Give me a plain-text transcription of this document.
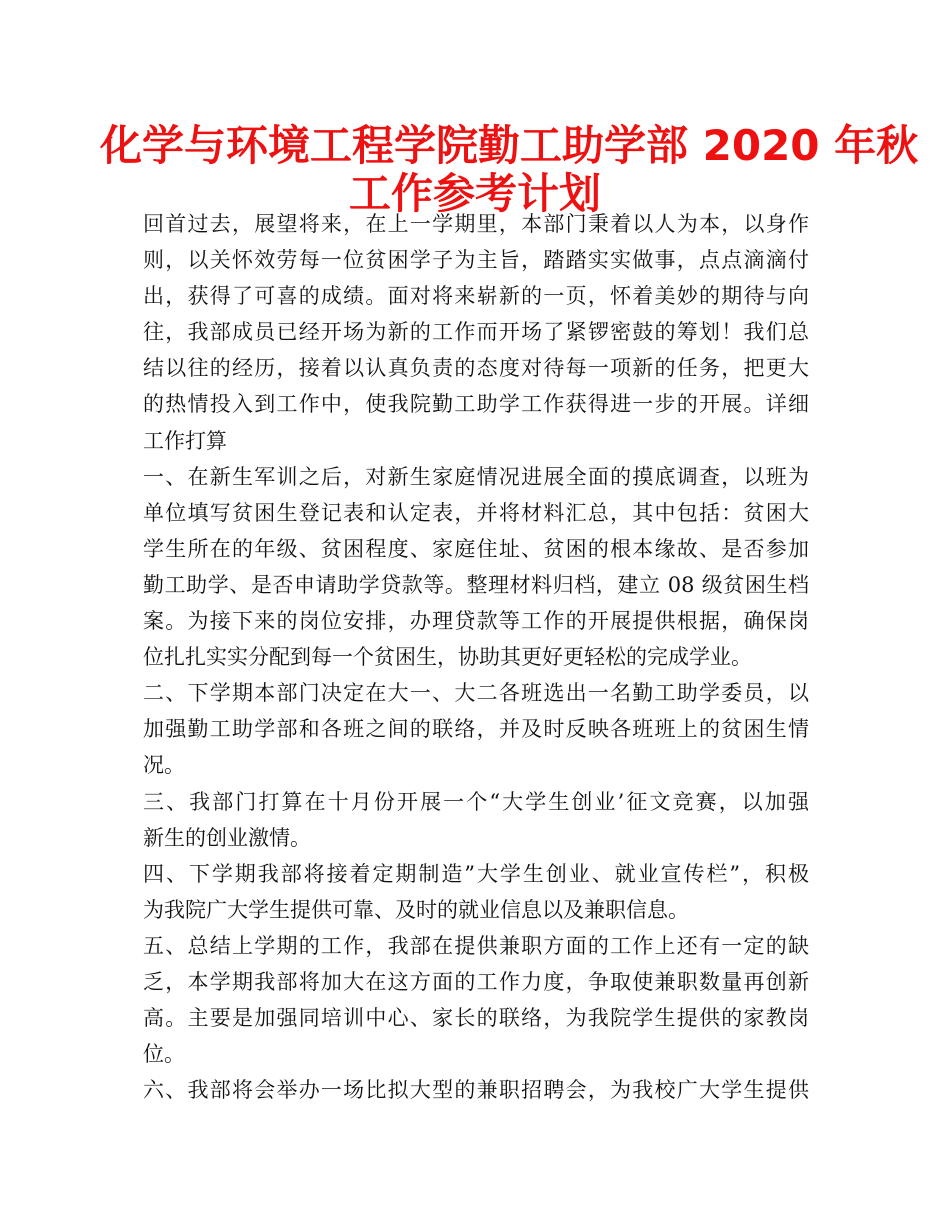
化学与环境工程学院勤工助学部 2020 年秋
工作参考计划
回首过去，展望将来，在上一学期里，本部门秉着以人为本，以身作
则，以关怀效劳每一位贫困学子为主旨，踏踏实实做事，点点滴滴付
出，获得了可喜的成绩。面对将来崭新的一页，怀着美妙的期待与向
往，我部成员已经开场为新的工作而开场了紧锣密鼓的筹划！我们总
结以往的经历，接着以认真负责的态度对待每一项新的任务，把更大
的热情投入到工作中，使我院勤工助学工作获得进一步的开展。详细
工作打算
一、在新生军训之后，对新生家庭情况进展全面的摸底调查，以班为
单位填写贫困生登记表和认定表，并将材料汇总，其中包括：贫困大
学生所在的年级、贫困程度、家庭住址、贫困的根本缘故、是否参加
勤工助学、是否申请助学贷款等。整理材料归档，建立 08 级贫困生档
案。为接下来的岗位安排，办理贷款等工作的开展提供根据，确保岗
位扎扎实实分配到每一个贫困生，协助其更好更轻松的完成学业。
二、下学期本部门决定在大一、大二各班选出一名勤工助学委员，以
加强勤工助学部和各班之间的联络，并及时反映各班班上的贫困生情
况。
三、我部门打算在十月份开展一个“大学生创业’征文竞赛，以加强
新生的创业激情。
四、下学期我部将接着定期制造”大学生创业、就业宣传栏”，积极
为我院广大学生提供可靠、及时的就业信息以及兼职信息。
五、总结上学期的工作，我部在提供兼职方面的工作上还有一定的缺
乏，本学期我部将加大在这方面的工作力度，争取使兼职数量再创新
高。主要是加强同培训中心、家长的联络，为我院学生提供的家教岗
位。
六、我部将会举办一场比拟大型的兼职招聘会，为我校广大学生提供
